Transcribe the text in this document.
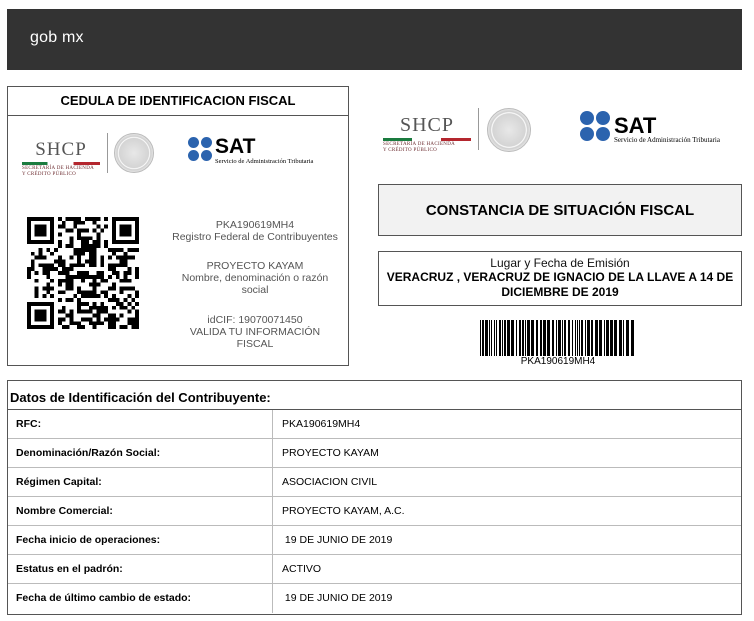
gob mx
CEDULA DE IDENTIFICACION FISCAL
SHCP
SECRETARÍA DE HACIENDA
Y CRÉDITO PÚBLICO
SAT
Servicio de Administración Tributaria
PKA190619MH4
Registro Federal de Contribuyentes
PROYECTO KAYAM
Nombre, denominación o razón social
idCIF: 19070071450
VALIDA TU INFORMACIÓN FISCAL
SHCP
SECRETARÍA DE HACIENDA
Y CRÉDITO PÚBLICO
SAT
Servicio de Administración Tributaria
CONSTANCIA DE SITUACIÓN FISCAL
Lugar y Fecha de Emisión
VERACRUZ , VERACRUZ DE IGNACIO DE LA LLAVE A 14 DE DICIEMBRE DE 2019
PKA190619MH4
Datos de Identificación del Contribuyente:
RFC:	PKA190619MH4
Denominación/Razón Social:	PROYECTO KAYAM
Régimen Capital:	ASOCIACION CIVIL
Nombre Comercial:	PROYECTO KAYAM, A.C.
Fecha inicio de operaciones:	19 DE JUNIO DE 2019
Estatus en el padrón:	ACTIVO
Fecha de último cambio de estado:	19 DE JUNIO DE 2019
